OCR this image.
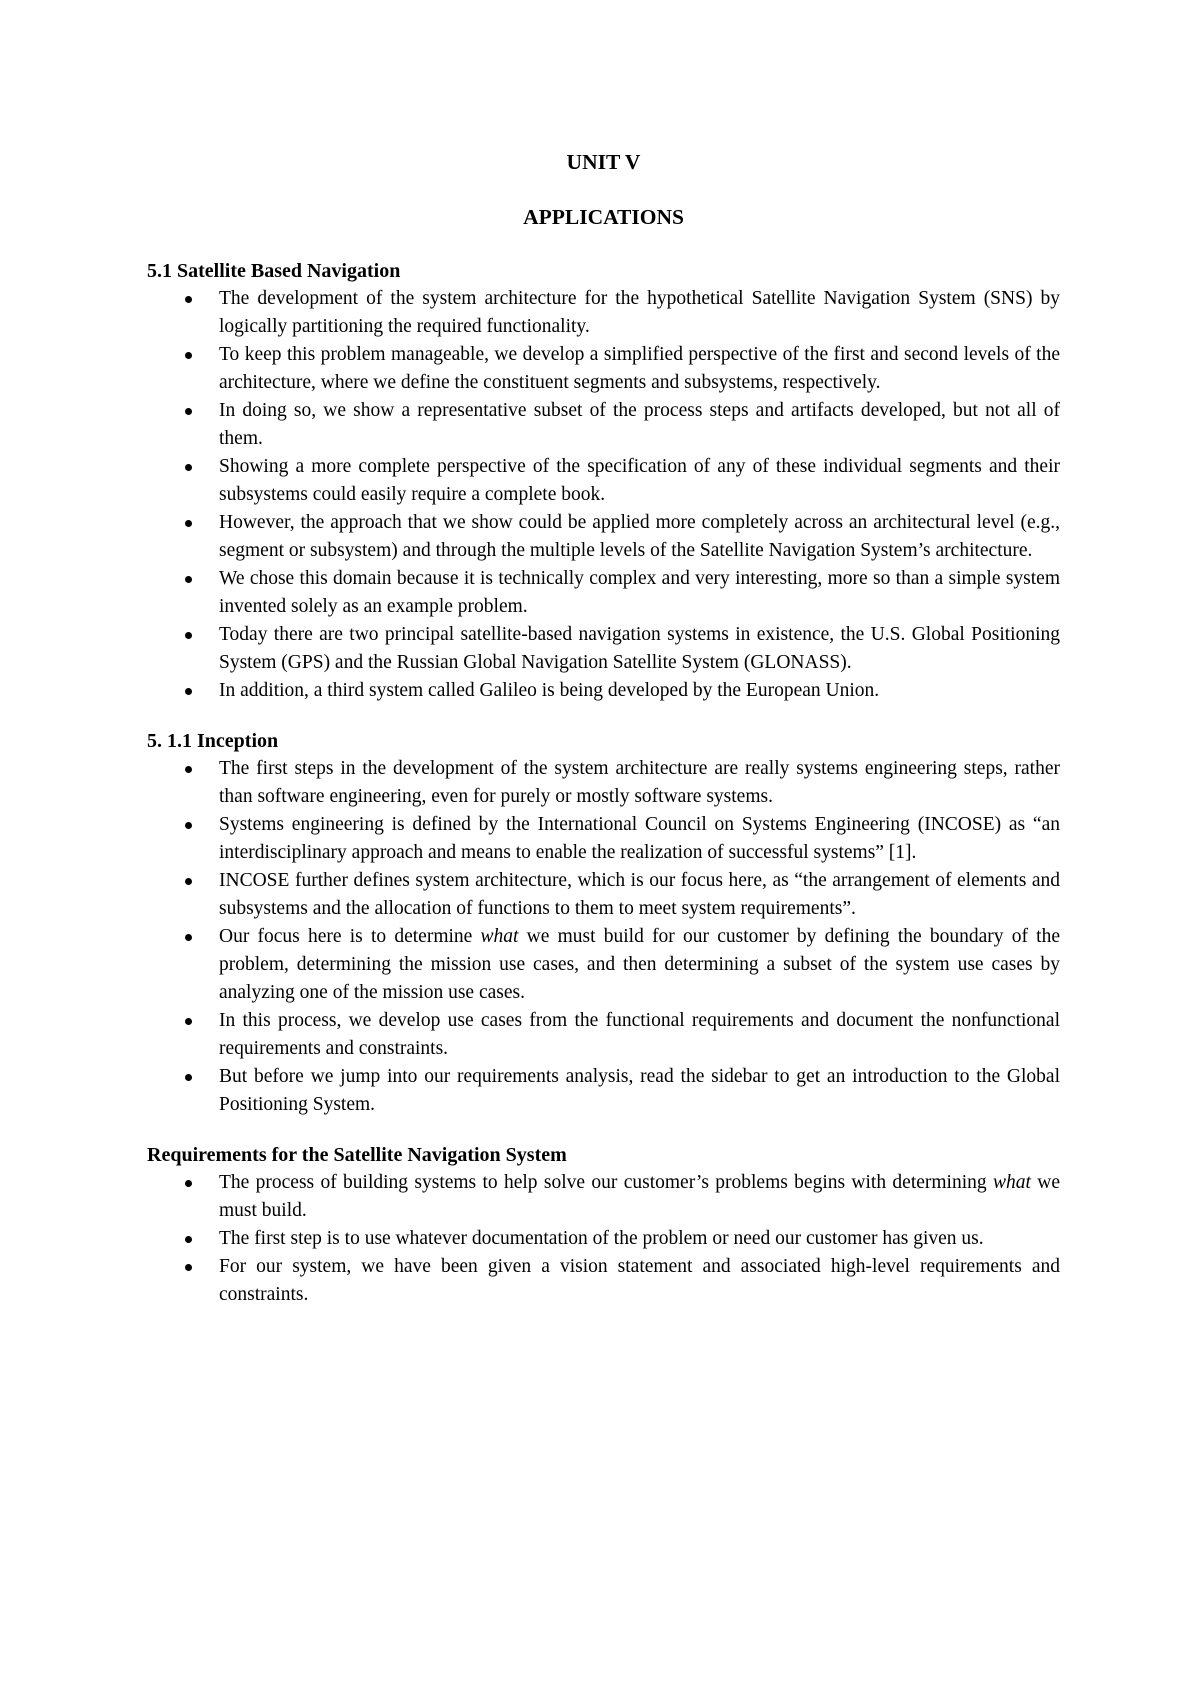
UNIT V
APPLICATIONS
5.1 Satellite Based Navigation
The development of the system architecture for the hypothetical Satellite Navigation System (SNS) by logically partitioning the required functionality.
To keep this problem manageable, we develop a simplified perspective of the first and second levels of the architecture, where we define the constituent segments and subsystems, respectively.
In doing so, we show a representative subset of the process steps and artifacts developed, but not all of them.
Showing a more complete perspective of the specification of any of these individual segments and their subsystems could easily require a complete book.
However, the approach that we show could be applied more completely across an architectural level (e.g., segment or subsystem) and through the multiple levels of the Satellite Navigation System’s architecture.
We chose this domain because it is technically complex and very interesting, more so than a simple system invented solely as an example problem.
Today there are two principal satellite-based navigation systems in existence, the U.S. Global Positioning System (GPS) and the Russian Global Navigation Satellite System (GLONASS).
In addition, a third system called Galileo is being developed by the European Union.
5. 1.1 Inception
The first steps in the development of the system architecture are really systems engineering steps, rather than software engineering, even for purely or mostly software systems.
Systems engineering is defined by the International Council on Systems Engineering (INCOSE) as “an interdisciplinary approach and means to enable the realization of successful systems” [1].
INCOSE further defines system architecture, which is our focus here, as “the arrangement of elements and subsystems and the allocation of functions to them to meet system requirements”.
Our focus here is to determine what we must build for our customer by defining the boundary of the problem, determining the mission use cases, and then determining a subset of the system use cases by analyzing one of the mission use cases.
In this process, we develop use cases from the functional requirements and document the nonfunctional requirements and constraints.
But before we jump into our requirements analysis, read the sidebar to get an introduction to the Global Positioning System.
Requirements for the Satellite Navigation System
The process of building systems to help solve our customer’s problems begins with determining what we must build.
The first step is to use whatever documentation of the problem or need our customer has given us.
For our system, we have been given a vision statement and associated high-level requirements and constraints.
